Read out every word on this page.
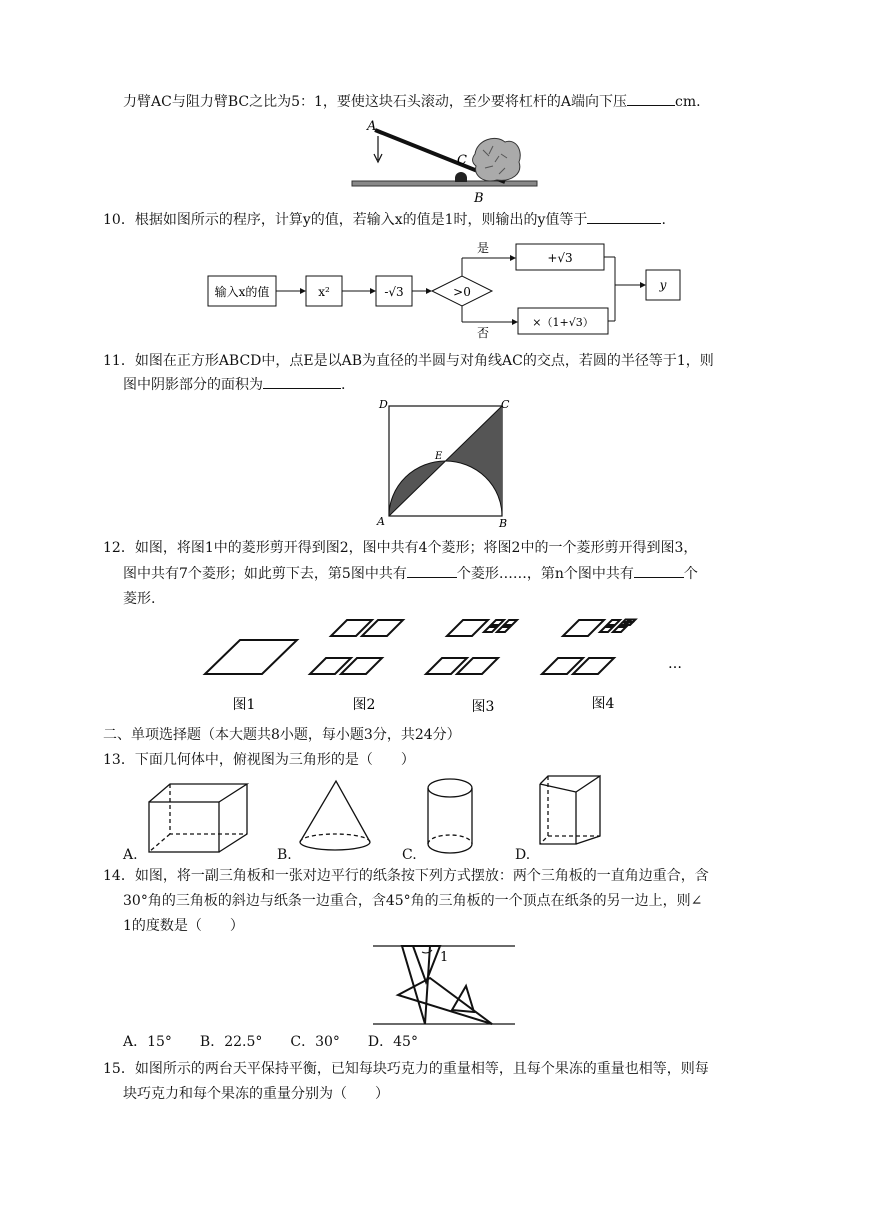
力臂AC与阻力臂BC之比为5：1，要使这块石头滚动，至少要将杠杆的A端向下压	cm.
A
C
B
10．根据如图所示的程序，计算y的值，若输入x的值是1时，则输出的y值等于	.
输入x的值	x²	-√3	>0
是
否
+√3
×（1+√3）
y
11．如图在正方形ABCD中，点E是以AB为直径的半圆与对角线AC的交点，若圆的半径等于1，则
图中阴影部分的面积为	.
D	C
E
A	B
12．如图，将图1中的菱形剪开得到图2，图中共有4个菱形；将图2中的一个菱形剪开得到图3，
图中共有7个菱形；如此剪下去，第5图中共有	个菱形……，第n个图中共有	个
菱形.
…
图1	图2	图3	图4
二、单项选择题（本大题共8小题，每小题3分，共24分）
13．下面几何体中，俯视图为三角形的是（　　）
A.	B.	C.	D.
14．如图，将一副三角板和一张对边平行的纸条按下列方式摆放：两个三角板的一直角边重合，含
30°角的三角板的斜边与纸条一边重合，含45°角的三角板的一个顶点在纸条的另一边上，则∠
1的度数是（　　）
1
A．15°　　B．22.5°　　C．30°　　D．45°
15．如图所示的两台天平保持平衡，已知每块巧克力的重量相等，且每个果冻的重量也相等，则每
块巧克力和每个果冻的重量分别为（　　）
